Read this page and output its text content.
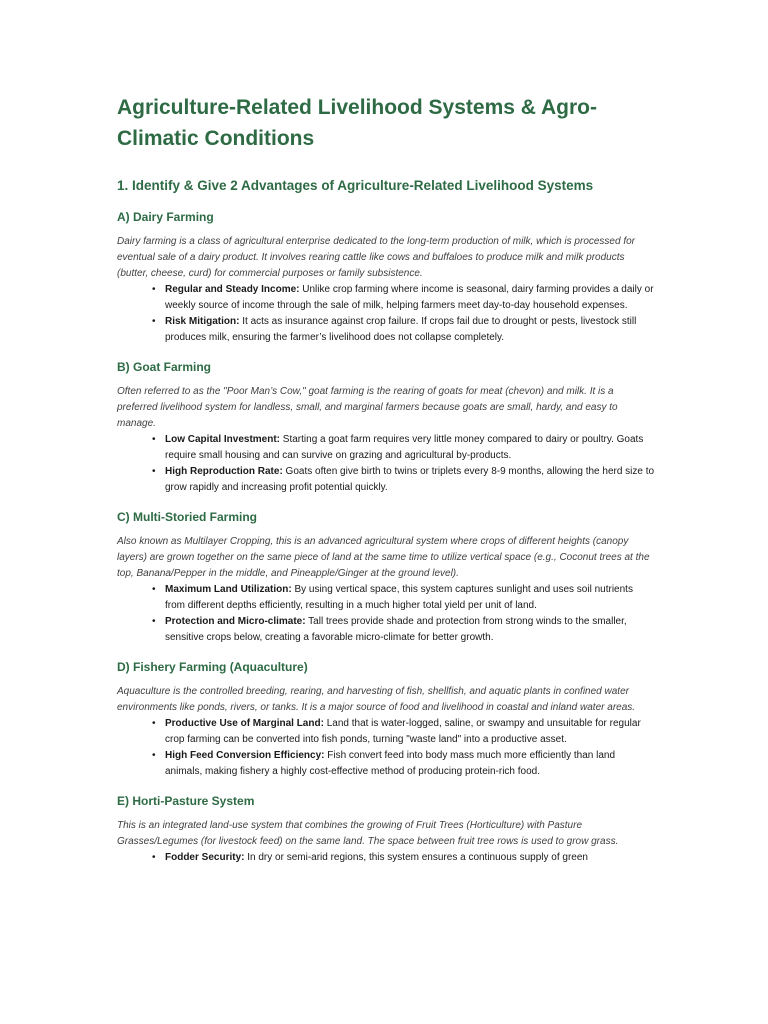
Agriculture-Related Livelihood Systems & Agro-Climatic Conditions
1. Identify & Give 2 Advantages of Agriculture-Related Livelihood Systems
A) Dairy Farming

Dairy farming is a class of agricultural enterprise dedicated to the long-term production of milk, which is processed for eventual sale of a dairy product. It involves rearing cattle like cows and buffaloes to produce milk and milk products (butter, cheese, curd) for commercial purposes or family subsistence.

• Regular and Steady Income: Unlike crop farming where income is seasonal, dairy farming provides a daily or weekly source of income through the sale of milk, helping farmers meet day-to-day household expenses.
• Risk Mitigation: It acts as insurance against crop failure. If crops fail due to drought or pests, livestock still produces milk, ensuring the farmer’s livelihood does not collapse completely.
B) Goat Farming

Often referred to as the "Poor Man’s Cow," goat farming is the rearing of goats for meat (chevon) and milk. It is a preferred livelihood system for landless, small, and marginal farmers because goats are small, hardy, and easy to manage.

• Low Capital Investment: Starting a goat farm requires very little money compared to dairy or poultry. Goats require small housing and can survive on grazing and agricultural by-products.
• High Reproduction Rate: Goats often give birth to twins or triplets every 8-9 months, allowing the herd size to grow rapidly and increasing profit potential quickly.
C) Multi-Storied Farming

Also known as Multilayer Cropping, this is an advanced agricultural system where crops of different heights (canopy layers) are grown together on the same piece of land at the same time to utilize vertical space (e.g., Coconut trees at the top, Banana/Pepper in the middle, and Pineapple/Ginger at the ground level).

• Maximum Land Utilization: By using vertical space, this system captures sunlight and uses soil nutrients from different depths efficiently, resulting in a much higher total yield per unit of land.
• Protection and Micro-climate: Tall trees provide shade and protection from strong winds to the smaller, sensitive crops below, creating a favorable micro-climate for better growth.
D) Fishery Farming (Aquaculture)

Aquaculture is the controlled breeding, rearing, and harvesting of fish, shellfish, and aquatic plants in confined water environments like ponds, rivers, or tanks. It is a major source of food and livelihood in coastal and inland water areas.

• Productive Use of Marginal Land: Land that is water-logged, saline, or swampy and unsuitable for regular crop farming can be converted into fish ponds, turning "waste land" into a productive asset.
• High Feed Conversion Efficiency: Fish convert feed into body mass much more efficiently than land animals, making fishery a highly cost-effective method of producing protein-rich food.
E) Horti-Pasture System

This is an integrated land-use system that combines the growing of Fruit Trees (Horticulture) with Pasture Grasses/Legumes (for livestock feed) on the same land. The space between fruit tree rows is used to grow grass.

• Fodder Security: In dry or semi-arid regions, this system ensures a continuous supply of green
